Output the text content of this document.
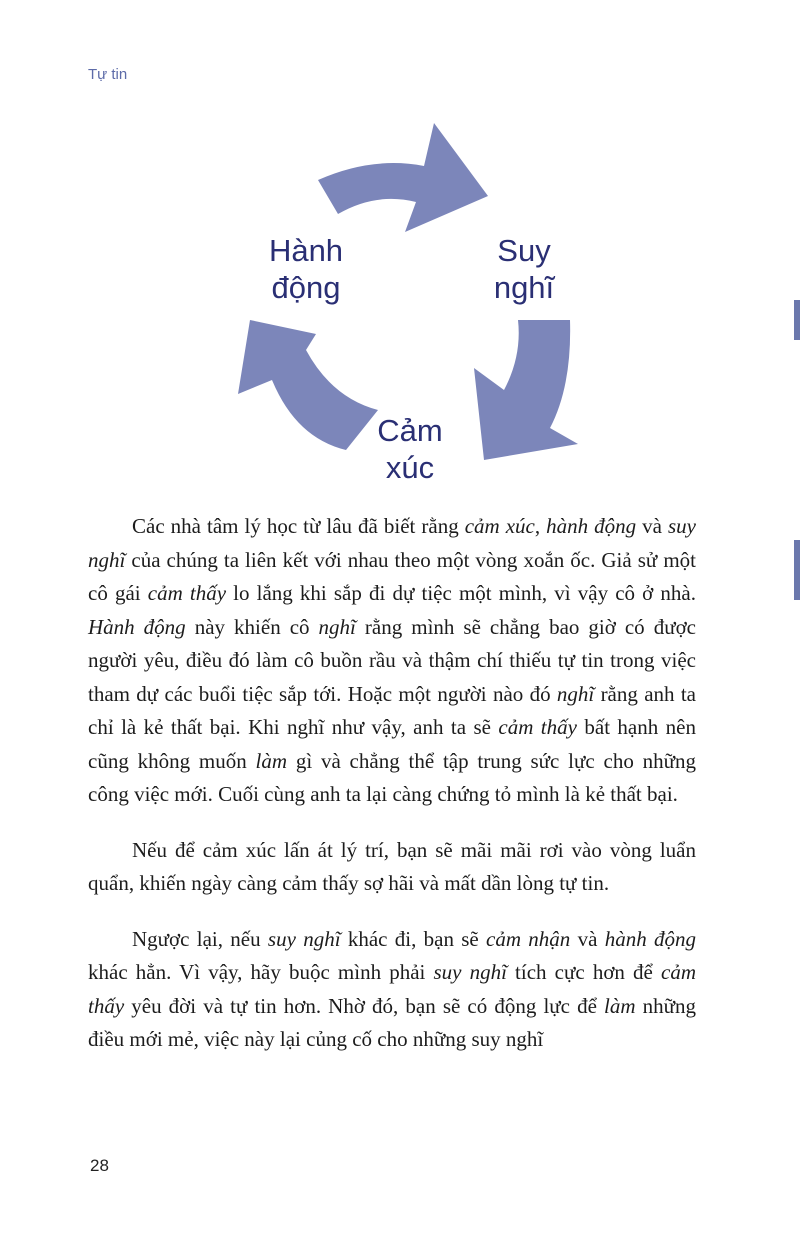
Tự tin
Hành
động
Suy
nghĩ
Cảm
xúc

Các nhà tâm lý học từ lâu đã biết rằng cảm xúc, hành động và suy nghĩ của chúng ta liên kết với nhau theo một vòng xoắn ốc. Giả sử một cô gái cảm thấy lo lắng khi sắp đi dự tiệc một mình, vì vậy cô ở nhà. Hành động này khiến cô nghĩ rằng mình sẽ chẳng bao giờ có được người yêu, điều đó làm cô buồn rầu và thậm chí thiếu tự tin trong việc tham dự các buổi tiệc sắp tới. Hoặc một người nào đó nghĩ rằng anh ta chỉ là kẻ thất bại. Khi nghĩ như vậy, anh ta sẽ cảm thấy bất hạnh nên cũng không muốn làm gì và chẳng thể tập trung sức lực cho những công việc mới. Cuối cùng anh ta lại càng chứng tỏ mình là kẻ thất bại.

Nếu để cảm xúc lấn át lý trí, bạn sẽ mãi mãi rơi vào vòng luẩn quẩn, khiến ngày càng cảm thấy sợ hãi và mất dần lòng tự tin.

Ngược lại, nếu suy nghĩ khác đi, bạn sẽ cảm nhận và hành động khác hẳn. Vì vậy, hãy buộc mình phải suy nghĩ tích cực hơn để cảm thấy yêu đời và tự tin hơn. Nhờ đó, bạn sẽ có động lực để làm những điều mới mẻ, việc này lại củng cố cho những suy nghĩ

28
